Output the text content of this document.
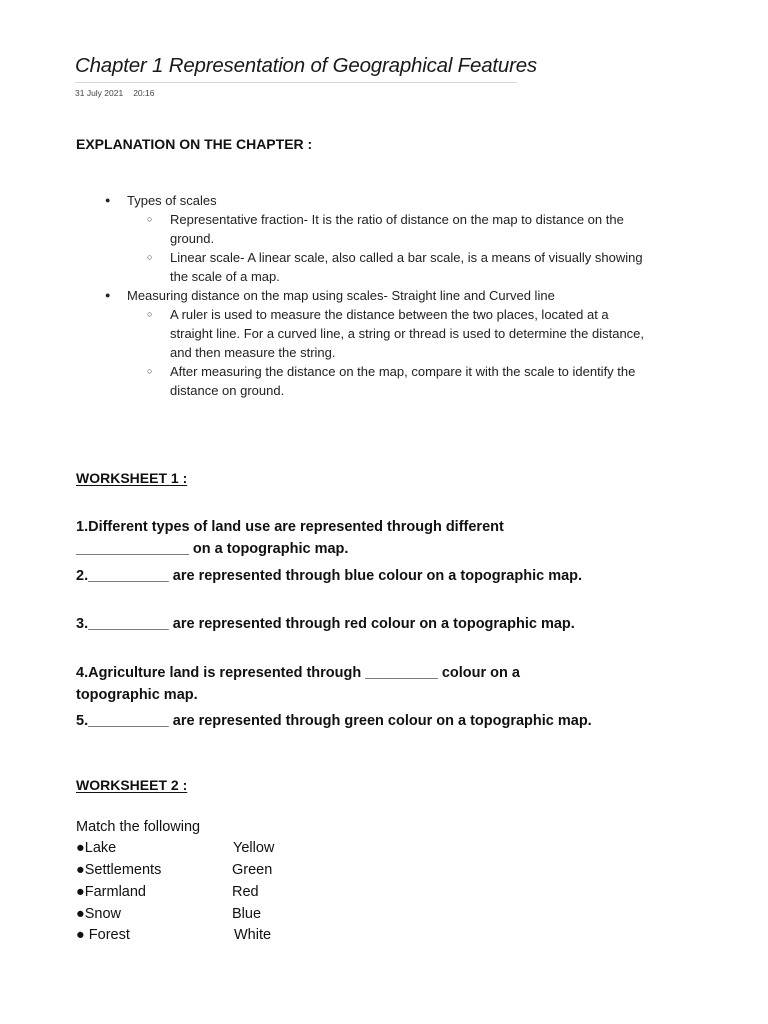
Chapter 1 Representation of Geographical Features
31 July 2021 20:16
EXPLANATION ON THE CHAPTER :
● Types of scales
○ Representative fraction- It is the ratio of distance on the map to distance on the ground.
○ Linear scale- A linear scale, also called a bar scale, is a means of visually showing the scale of a map.
● Measuring distance on the map using scales- Straight line and Curved line
○ A ruler is used to measure the distance between the two places, located at a straight line. For a curved line, a string or thread is used to determine the distance, and then measure the string.
○ After measuring the distance on the map, compare it with the scale to identify the distance on ground.
WORKSHEET 1 :
1.Different types of land use are represented through different ______________ on a topographic map.
2.__________ are represented through blue colour on a topographic map.
3.__________ are represented through red colour on a topographic map.
4.Agriculture land is represented through _________ colour on a topographic map.
5.__________ are represented through green colour on a topographic map.
WORKSHEET 2 :
Match the following
●Lake	Yellow
●Settlements	Green
●Farmland	Red
●Snow	Blue
● Forest	White
